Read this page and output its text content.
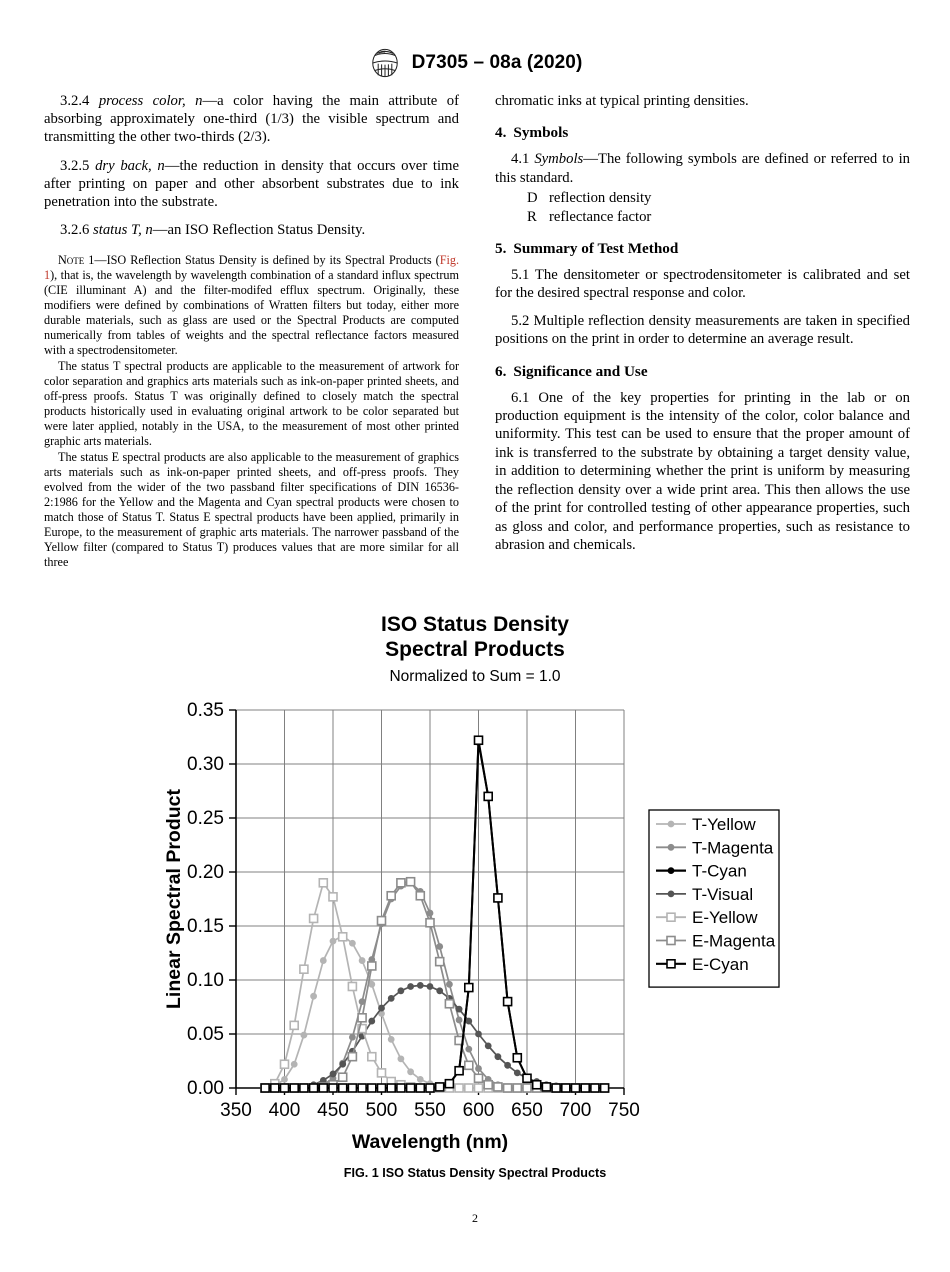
D7305 – 08a (2020)

3.2.4 process color, n—a color having the main attribute of absorbing approximately one-third (1/3) the visible spectrum and transmitting the other two-thirds (2/3).

3.2.5 dry back, n—the reduction in density that occurs over time after printing on paper and other absorbent substrates due to ink penetration into the substrate.

3.2.6 status T, n—an ISO Reflection Status Density.

Note 1—ISO Reflection Status Density is defined by its Spectral Products (Fig. 1), that is, the wavelength by wavelength combination of a standard influx spectrum (CIE illuminant A) and the filter-modifed efflux spectrum. Originally, these modifiers were defined by combinations of Wratten filters but today, either more durable materials, such as glass are used or the Spectral Products are computed numerically from tables of weights and the spectral reflectance factors measured with a spectrodensitometer.

The status T spectral products are applicable to the measurement of artwork for color separation and graphics arts materials such as ink-on-paper printed sheets, and off-press proofs. Status T was originally defined to closely match the spectral products historically used in evaluating original artwork to be color separated but were later applied, notably in the USA, to the measurement of most other printed graphic arts materials.

The status E spectral products are also applicable to the measurement of graphics arts materials such as ink-on-paper printed sheets, and off-press proofs. They evolved from the wider of the two passband filter specifications of DIN 16536-2:1986 for the Yellow and the Magenta and Cyan spectral products were chosen to match those of Status T. Status E spectral products have been applied, primarily in Europe, to the measurement of graphic arts materials. The narrower passband of the Yellow filter (compared to Status T) produces values that are more similar for all three

chromatic inks at typical printing densities.

4. Symbols

4.1 Symbols—The following symbols are defined or referred to in this standard.

D reflection density

R reflectance factor

5. Summary of Test Method

5.1 The densitometer or spectrodensitometer is calibrated and set for the desired spectral response and color.

5.2 Multiple reflection density measurements are taken in specified positions on the print in order to determine an average result.

6. Significance and Use

6.1 One of the key properties for printing in the lab or on production equipment is the intensity of the color, color balance and uniformity. This test can be used to ensure that the proper amount of ink is transferred to the substrate by obtaining a target density value, in addition to determining whether the print is uniform by measuring the reflection density over a wide print area. This then allows the use of the print for controlled testing of other appearance properties, such as gloss and color, and performance properties, such as resistance to abrasion and chemicals.

ISO Status Density
Spectral Products
Normalized to Sum = 1.0
350 400 450 500 550 600 650 700 750
0.00
0.05
0.10
0.15
0.20
0.25
0.30
0.35
Wavelength (nm)
Linear Spectral Product	T-Yellow
T-Magenta
T-Cyan
T-Visual
E-Yellow
E-Magenta
E-Cyan
FIG. 1 ISO Status Density Spectral Products
2
